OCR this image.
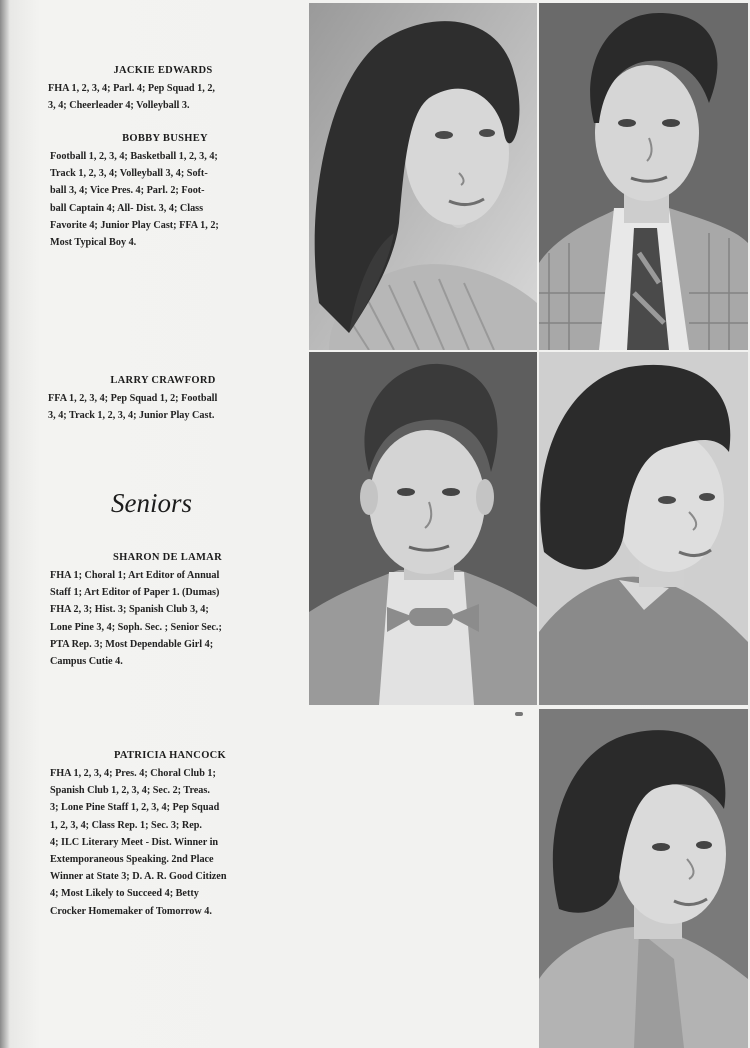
JACKIE EDWARDS
FHA 1, 2, 3, 4; Parl. 4; Pep Squad 1, 2,
3, 4; Cheerleader 4; Volleyball 3.
BOBBY BUSHEY
Football 1, 2, 3, 4; Basketball 1, 2, 3, 4;
Track 1, 2, 3, 4; Volleyball 3, 4; Soft-
ball 3, 4; Vice Pres. 4; Parl. 2; Foot-
ball Captain 4; All- Dist. 3, 4; Class
Favorite 4; Junior Play Cast; FFA 1, 2;
Most Typical Boy 4.
LARRY CRAWFORD
FFA 1, 2, 3, 4; Pep Squad 1, 2; Football
3, 4; Track 1, 2, 3, 4; Junior Play Cast.
Seniors
SHARON DE LAMAR
FHA 1; Choral 1; Art Editor of Annual
Staff 1; Art Editor of Paper 1. (Dumas)
FHA 2, 3; Hist. 3; Spanish Club 3, 4;
Lone Pine 3, 4; Soph. Sec. ; Senior Sec.;
PTA Rep. 3; Most Dependable Girl 4;
Campus Cutie 4.
PATRICIA HANCOCK
FHA 1, 2, 3, 4; Pres. 4; Choral Club 1;
Spanish Club 1, 2, 3, 4; Sec. 2; Treas.
3; Lone Pine Staff 1, 2, 3, 4; Pep Squad
1, 2, 3, 4; Class Rep. 1; Sec. 3; Rep.
4; ILC Literary Meet - Dist. Winner in
Extemporaneous Speaking. 2nd Place
Winner at State 3; D. A. R. Good Citizen
4; Most Likely to Succeed 4; Betty
Crocker Homemaker of Tomorrow 4.
